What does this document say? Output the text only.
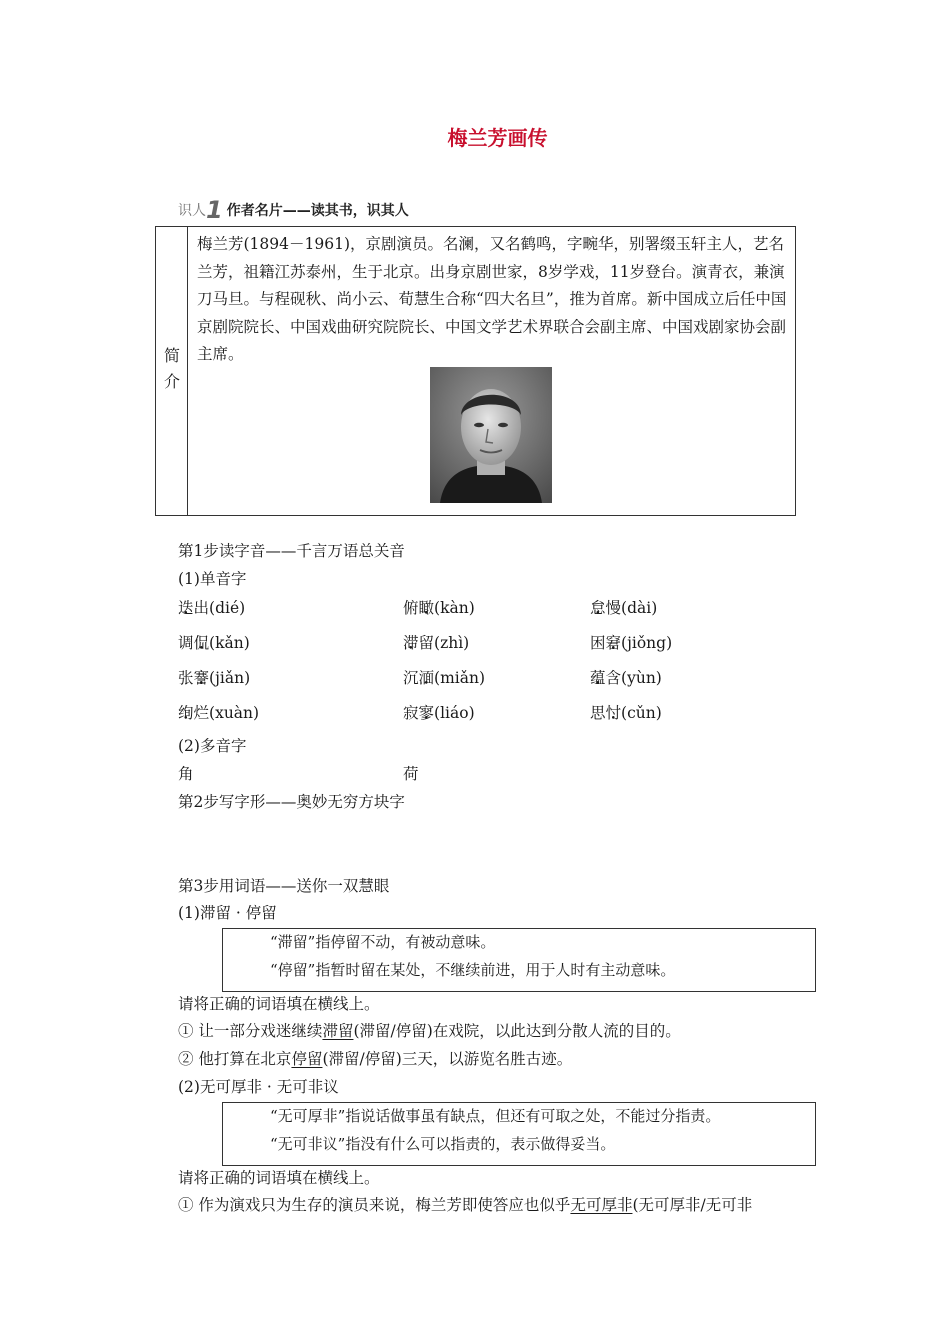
梅兰芳画传
识人1 作者名片——读其书，识其人
简
介
梅兰芳(1894－1961)，京剧演员。名澜，又名鹤鸣，字畹华，别署缀玉轩主人，艺名兰芳，祖籍江苏泰州，生于北京。出身京剧世家，8岁学戏，11岁登台。演青衣，兼演刀马旦。与程砚秋、尚小云、荀慧生合称“四大名旦”，推为首席。新中国成立后任中国京剧院院长、中国戏曲研究院院长、中国文学艺术界联合会副主席、中国戏剧家协会副主席。
第1步读字音——千言万语总关音
(1)单音字
迭出(dié)	俯瞰(kàn)	怠慢(dài)
调侃(kǎn)	滞留(zhì)	困窘(jiǒng)
张謇(jiǎn)	沉湎(miǎn)	蕴含(yùn)
绚烂(xuàn)	寂寥(liáo)	思忖(cǔn)
(2)多音字
角	荷
第2步写字形——奥妙无穷方块字
第3步用词语——送你一双慧眼
(1)滞留 · 停留
“滞留”指停留不动，有被动意味。
“停留”指暂时留在某处，不继续前进，用于人时有主动意味。
请将正确的词语填在横线上。
① 让一部分戏迷继续滞留(滞留/停留)在戏院，以此达到分散人流的目的。
② 他打算在北京停留(滞留/停留)三天，以游览名胜古迹。
(2)无可厚非 · 无可非议
“无可厚非”指说话做事虽有缺点，但还有可取之处，不能过分指责。
“无可非议”指没有什么可以指责的，表示做得妥当。
请将正确的词语填在横线上。
① 作为演戏只为生存的演员来说，梅兰芳即使答应也似乎无可厚非(无可厚非/无可非
